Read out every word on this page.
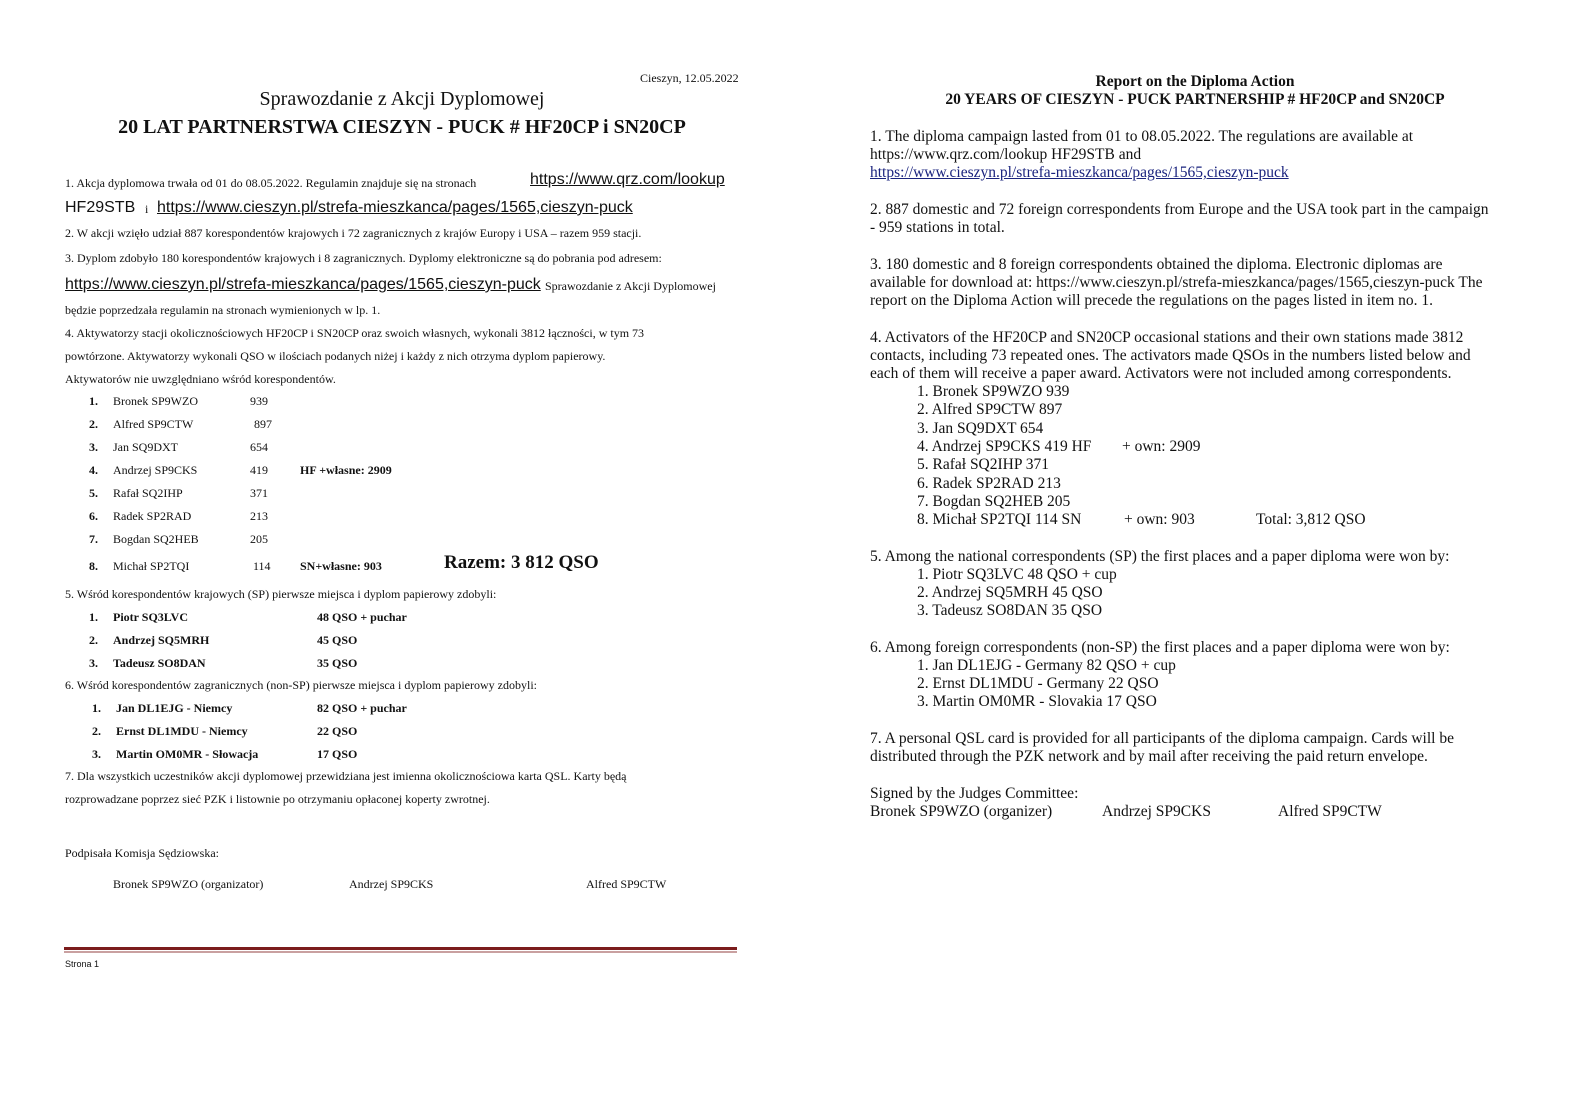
Cieszyn, 12.05.2022
Sprawozdanie z Akcji Dyplomowej
20 LAT PARTNERSTWA CIESZYN - PUCK # HF20CP i SN20CP
1. Akcja dyplomowa trwała od 01 do 08.05.2022. Regulamin znajduje się na stronach	https://www.qrz.com/lookup
HF29STB i https://www.cieszyn.pl/strefa-mieszkanca/pages/1565,cieszyn-puck
2. W akcji wzięło udział 887 korespondentów krajowych i 72 zagranicznych z krajów Europy i USA – razem 959 stacji.
3. Dyplom zdobyło 180 korespondentów krajowych i 8 zagranicznych. Dyplomy elektroniczne są do pobrania pod adresem:
https://www.cieszyn.pl/strefa-mieszkanca/pages/1565,cieszyn-puck Sprawozdanie z Akcji Dyplomowej
będzie poprzedzała regulamin na stronach wymienionych w lp. 1.
4. Aktywatorzy stacji okolicznościowych HF20CP i SN20CP oraz swoich własnych, wykonali 3812 łączności, w tym 73
powtórzone. Aktywatorzy wykonali QSO w ilościach podanych niżej i każdy z nich otrzyma dyplom papierowy.
Aktywatorów nie uwzględniano wśród korespondentów.
1. Bronek SP9WZO	939
2. Alfred SP9CTW	897
3. Jan SQ9DXT	654
4. Andrzej SP9CKS	419	HF +własne: 2909
5. Rafał SQ2IHP	371
6. Radek SP2RAD	213
7. Bogdan SQ2HEB	205
8. Michał SP2TQI	114 SN+własne: 903	Razem: 3 812 QSO
5. Wśród korespondentów krajowych (SP) pierwsze miejsca i dyplom papierowy zdobyli:
1. Piotr SQ3LVC	48 QSO + puchar
2. Andrzej SQ5MRH	45 QSO
3. Tadeusz SO8DAN	35 QSO
6. Wśród korespondentów zagranicznych (non-SP) pierwsze miejsca i dyplom papierowy zdobyli:
1. Jan DL1EJG - Niemcy	82 QSO + puchar
2. Ernst DL1MDU - Niemcy	22 QSO
3. Martin OM0MR - Słowacja	17 QSO
7. Dla wszystkich uczestników akcji dyplomowej przewidziana jest imienna okolicznościowa karta QSL. Karty będą
rozprowadzane poprzez sieć PZK i listownie po otrzymaniu opłaconej koperty zwrotnej.
Podpisała Komisja Sędziowska:
Bronek SP9WZO (organizator)	Andrzej SP9CKS	Alfred SP9CTW
Strona 1
Report on the Diploma Action
20 YEARS OF CIESZYN - PUCK PARTNERSHIP # HF20CP and SN20CP
1. The diploma campaign lasted from 01 to 08.05.2022. The regulations are available at
https://www.qrz.com/lookup HF29STB and
https://www.cieszyn.pl/strefa-mieszkanca/pages/1565,cieszyn-puck
2. 887 domestic and 72 foreign correspondents from Europe and the USA took part in the campaign
- 959 stations in total.
3. 180 domestic and 8 foreign correspondents obtained the diploma. Electronic diplomas are
available for download at: https://www.cieszyn.pl/strefa-mieszkanca/pages/1565,cieszyn-puck The
report on the Diploma Action will precede the regulations on the pages listed in item no. 1.
4. Activators of the HF20CP and SN20CP occasional stations and their own stations made 3812
contacts, including 73 repeated ones. The activators made QSOs in the numbers listed below and
each of them will receive a paper award. Activators were not included among correspondents.
1. Bronek SP9WZO 939
2. Alfred SP9CTW 897
3. Jan SQ9DXT 654
4. Andrzej SP9CKS 419 HF + own: 2909
5. Rafał SQ2IHP 371
6. Radek SP2RAD 213
7. Bogdan SQ2HEB 205
8. Michał SP2TQI 114 SN	+ own: 903	Total: 3,812 QSO
5. Among the national correspondents (SP) the first places and a paper diploma were won by:
1. Piotr SQ3LVC 48 QSO + cup
2. Andrzej SQ5MRH 45 QSO
3. Tadeusz SO8DAN 35 QSO
6. Among foreign correspondents (non-SP) the first places and a paper diploma were won by:
1. Jan DL1EJG - Germany 82 QSO + cup
2. Ernst DL1MDU - Germany 22 QSO
3. Martin OM0MR - Slovakia 17 QSO
7. A personal QSL card is provided for all participants of the diploma campaign. Cards will be
distributed through the PZK network and by mail after receiving the paid return envelope.
Signed by the Judges Committee:
Bronek SP9WZO (organizer)	Andrzej SP9CKS	Alfred SP9CTW
